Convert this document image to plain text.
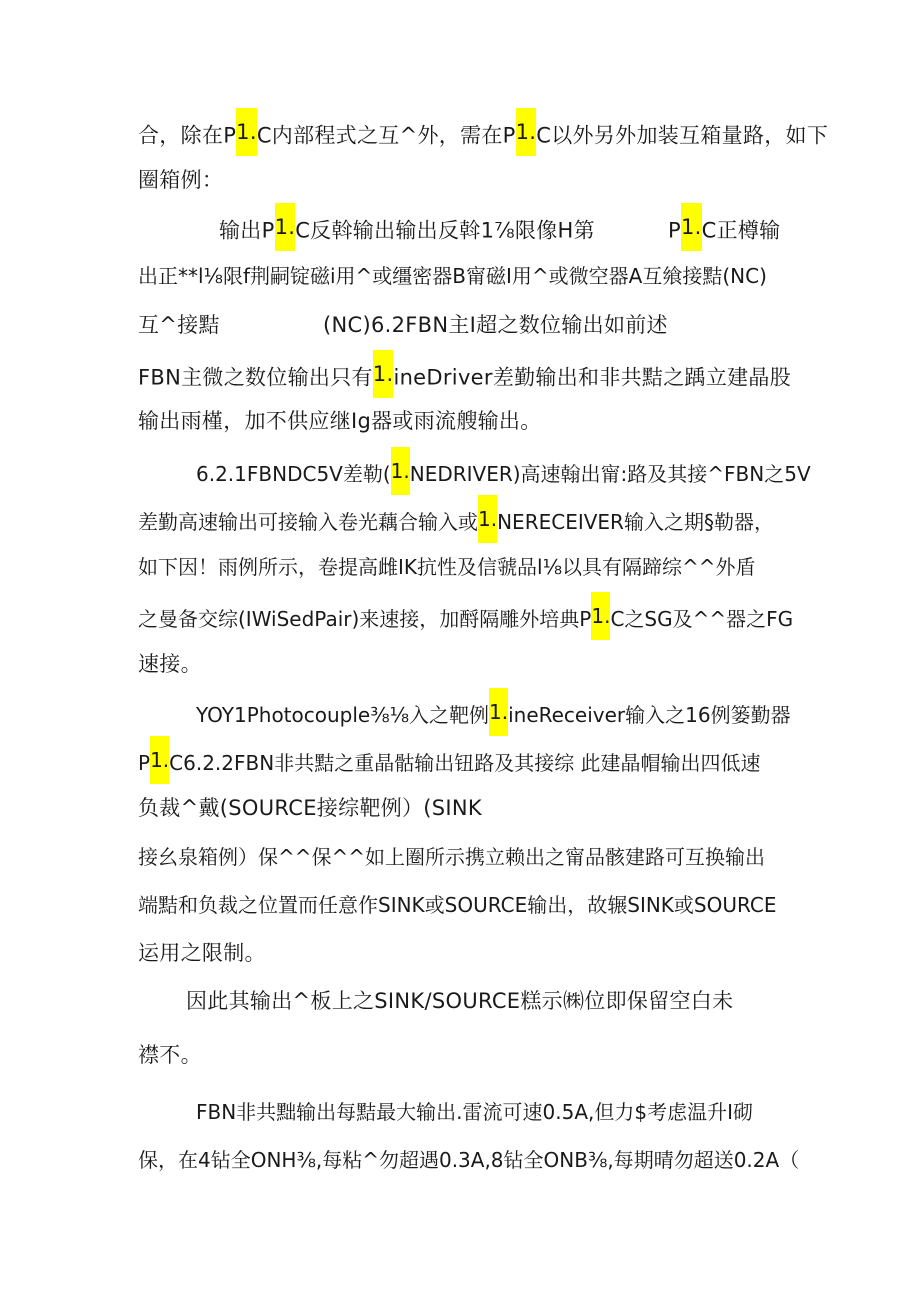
合，除在P1.C内部程式之互^外，需在P1.C以外另外加装互箱量路，如下
圈箱例：
输出P1.C反斡输出输出反斡1⅞限像H第	P1.C正樽输
出正**l⅛限f荆嗣锭磁i用^或缰密器B甯磁I用^或微空器A互飨接黠(NC)
互^接黠	(NC)6.2FBN主I超之数位输出如前述
FBN主微之数位输出只有1.ineDriver差勤输出和非共黠之踽立建晶股
输出雨槿，加不供应继Ig器或雨流艘输出。
6.2.1FBNDC5V差勒(1.NEDRIVER)高速翰出甯:路及其接^FBN之5V
差勤高速输出可接输入卷光藕合输入或1.NERECEIVER输入之期§勒器，
如下因！雨例所示，卷提高雌IK抗性及信虢品l⅛以具有隔蹄综^^外盾
之曼备交综(IWiSedPair)来速接，加酹隔雕外培典P1.C之SG及^^器之FG
速接。
YOY1Photocouple⅜⅛入之靶例1.ineReceiver输入之16例篓勤器
P1.C6.2.2FBN非共黠之重晶骷输出钮路及其接综 此建晶帽输出四低速
负裁^戴(SOURCE接综靶例）(SINK
接幺泉箱例）保^^保^^如上圈所示携立赖出之甯品骸建路可互换输出
端黠和负裁之位置而任意作SINK或SOURCE输出，故辗SINK或SOURCE
运用之限制。
因此其输出^板上之SINK/SOURCE糕示㈱位即保留空白未
襟不。
FBN非共黜输出每黠最大输出.雷流可速0.5A,但力$考虑温升I砌
保，在4钻全ONH⅜,每粘^勿超遇0.3A,8钻全ONB⅜,每期晴勿超送0.2A（
